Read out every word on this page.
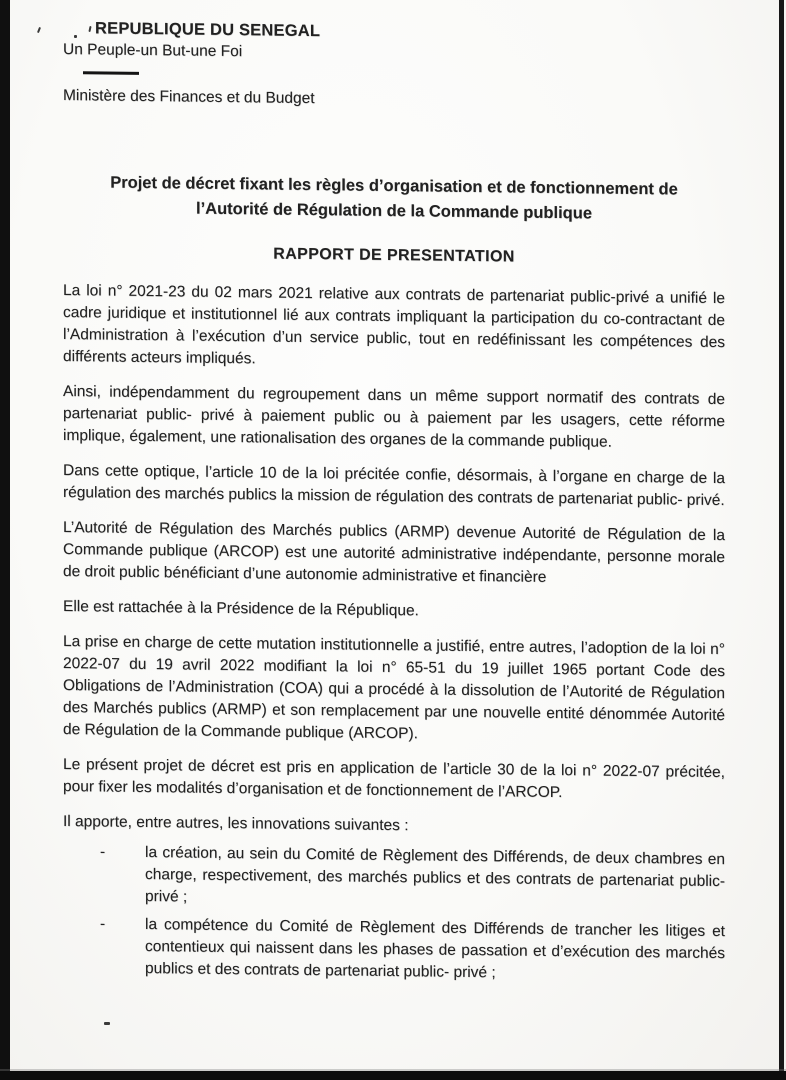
REPUBLIQUE DU SENEGAL
Un Peuple-un But-une Foi
Ministère des Finances et du Budget
Projet de décret fixant les règles d’organisation et de fonctionnement de l’Autorité de Régulation de la Commande publique
RAPPORT DE PRESENTATION

La loi n° 2021-23 du 02 mars 2021 relative aux contrats de partenariat public-privé a unifié le cadre juridique et institutionnel lié aux contrats impliquant la participation du co-contractant de l’Administration à l’exécution d’un service public, tout en redéfinissant les compétences des différents acteurs impliqués.

Ainsi, indépendamment du regroupement dans un même support normatif des contrats de partenariat public- privé à paiement public ou à paiement par les usagers, cette réforme implique, également, une rationalisation des organes de la commande publique.

Dans cette optique, l’article 10 de la loi précitée confie, désormais, à l’organe en charge de la régulation des marchés publics la mission de régulation des contrats de partenariat public- privé.

L’Autorité de Régulation des Marchés publics (ARMP) devenue Autorité de Régulation de la Commande publique (ARCOP) est une autorité administrative indépendante, personne morale de droit public bénéficiant d’une autonomie administrative et financière

Elle est rattachée à la Présidence de la République.

La prise en charge de cette mutation institutionnelle a justifié, entre autres, l’adoption de la loi n° 2022-07 du 19 avril 2022 modifiant la loi n° 65-51 du 19 juillet 1965 portant Code des Obligations de l’Administration (COA) qui a procédé à la dissolution de l’Autorité de Régulation des Marchés publics (ARMP) et son remplacement par une nouvelle entité dénommée Autorité de Régulation de la Commande publique (ARCOP).

Le présent projet de décret est pris en application de l’article 30 de la loi n° 2022-07 précitée, pour fixer les modalités d’organisation et de fonctionnement de l’ARCOP.

Il apporte, entre autres, les innovations suivantes :

-	la création, au sein du Comité de Règlement des Différends, de deux chambres en charge, respectivement, des marchés publics et des contrats de partenariat public- privé ;
-	la compétence du Comité de Règlement des Différends de trancher les litiges et contentieux qui naissent dans les phases de passation et d’exécution des marchés publics et des contrats de partenariat public- privé ;
